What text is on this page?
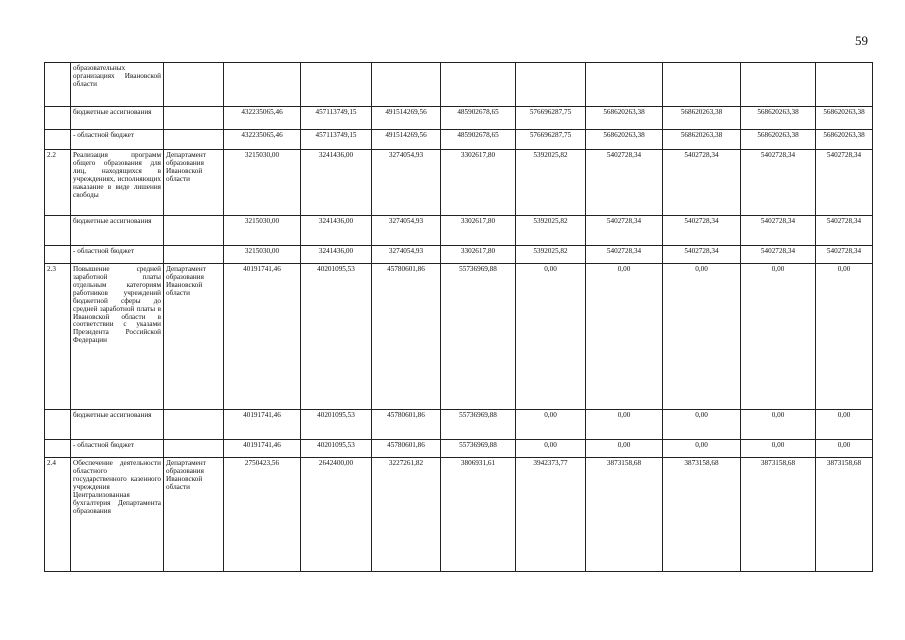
59
	образовательных организациях Ивановской области										
	бюджетные ассигнования		432235065,46	457113749,15	491514269,56	485902678,65	576696287,75	568620263,38	568620263,38	568620263,38	568620263,38
	- областной бюджет		432235065,46	457113749,15	491514269,56	485902678,65	576696287,75	568620263,38	568620263,38	568620263,38	568620263,38
2.2	Реализация программ общего образования для лиц, находящихся в учреждениях, исполняющих наказание в виде лишения свободы	Департамент образования Ивановской области	3215030,00	3241436,00	3274054,93	3302617,80	5392025,82	5402728,34	5402728,34	5402728,34	5402728,34
	бюджетные ассигнования		3215030,00	3241436,00	3274054,93	3302617,80	5392025,82	5402728,34	5402728,34	5402728,34	5402728,34
	- областной бюджет		3215030,00	3241436,00	3274054,93	3302617,80	5392025,82	5402728,34	5402728,34	5402728,34	5402728,34
2.3	Повышение средней заработной платы отдельным категориям работников учреждений бюджетной сферы до средней заработной платы в Ивановской области в соответствии с указами Президента Российской Федерации	Департамент образования Ивановской области	40191741,46	40201095,53	45780601,86	55736969,88	0,00	0,00	0,00	0,00	0,00
	бюджетные ассигнования		40191741,46	40201095,53	45780601,86	55736969,88	0,00	0,00	0,00	0,00	0,00
	- областной бюджет		40191741,46	40201095,53	45780601,86	55736969,88	0,00	0,00	0,00	0,00	0,00
2.4	Обеспечение деятельности областного государственного казенного учреждения Централизованная бухгалтерия Департамента образования	Департамент образования Ивановской области	2750423,56	2642400,00	3227261,82	3806931,61	3942373,77	3873158,68	3873158,68	3873158,68	3873158,68
